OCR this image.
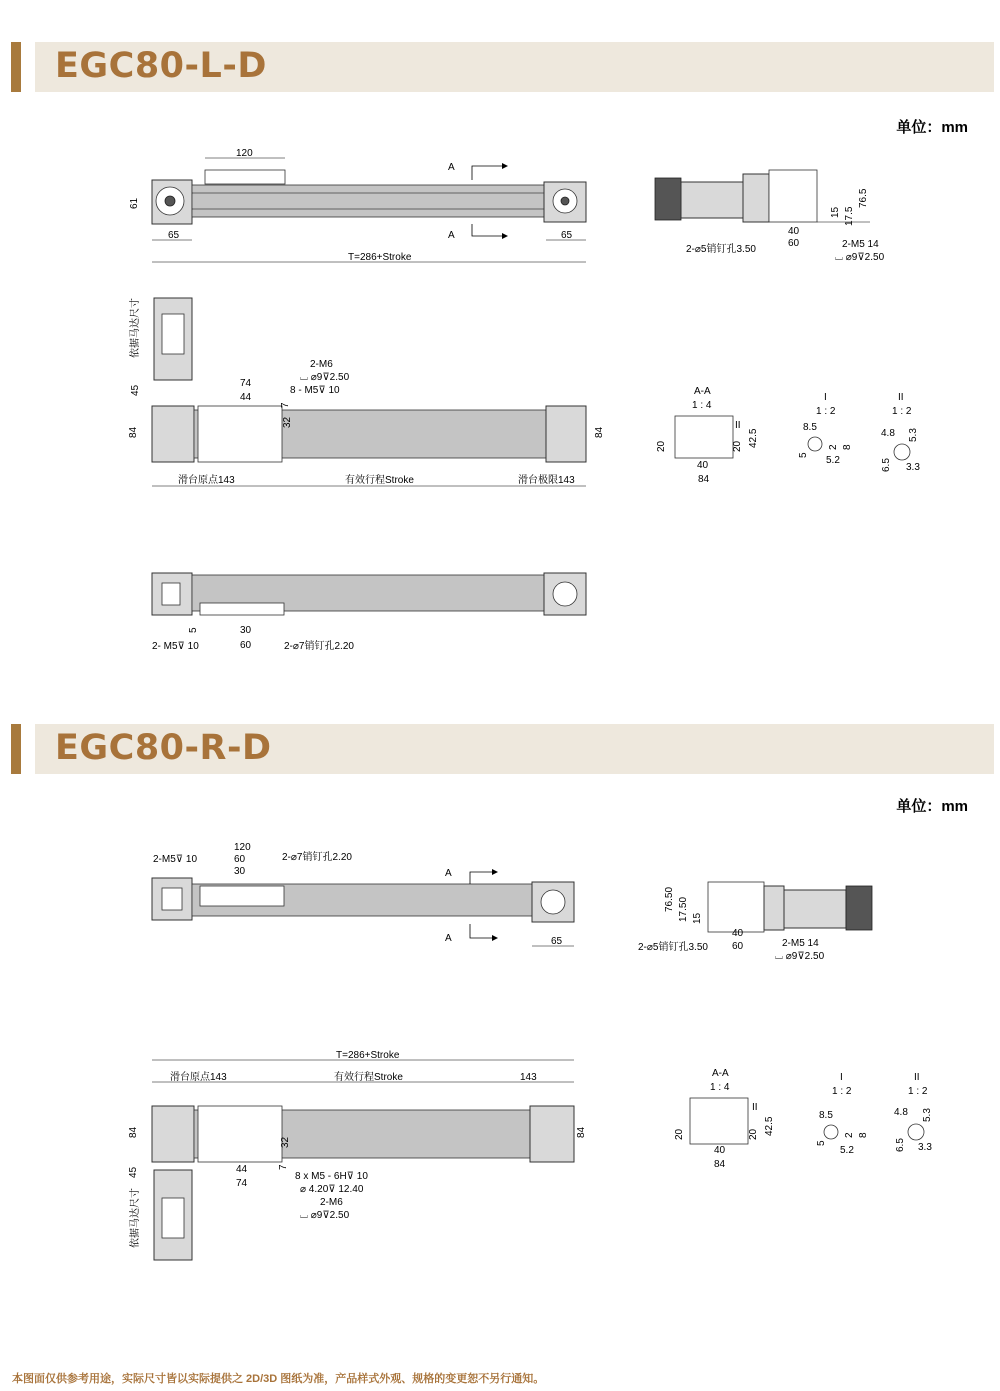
EGC80-L-D
单位：mm
120
61
A
A
65	65
T=286+Stroke
15 17.5
76.5
40
60
2-⌀5销钉孔3.50	2-M5 14
⌴ ⌀9⊽2.50
依据马达尺寸
45
84	84
74
44
7
32
2-M6
⌴ ⌀9⊽2.50
8 - M5⊽ 10
滑台原点143	有效行程Stroke	滑台极限143
A-A
1 : 4
II
20	20 42.5
40
84
I
1 : 2
8.5
5
2 8
5.2
II
1 : 2
4.8 5.3
6.5 3.3
5	30
60
2- M5⊽ 10	2-⌀7销钉孔2.20
EGC80-R-D
单位：mm
2-M5⊽ 10
120
60
30
2-⌀7销钉孔2.20
A
A	65
76.50 17.50 15
40
60
2-⌀5销钉孔3.50	2-M5 14
⌴ ⌀9⊽2.50
T=286+Stroke
滑台原点143	有效行程Stroke	143
84	84
32
7
45
依据马达尺寸
44
74
8 x M5 - 6H⊽ 10
⌀ 4.20⊽ 12.40
2-M6
⌴ ⌀9⊽2.50
A-A
1 : 4
II
20	20 42.5
40
84
I
1 : 2
8.5
5
2 8
5.2
II
1 : 2
4.8 5.3
6.5 3.3
本图面仅供参考用途，实际尺寸皆以实际提供之 2D/3D 图纸为准，产品样式外观、规格的变更恕不另行通知。
